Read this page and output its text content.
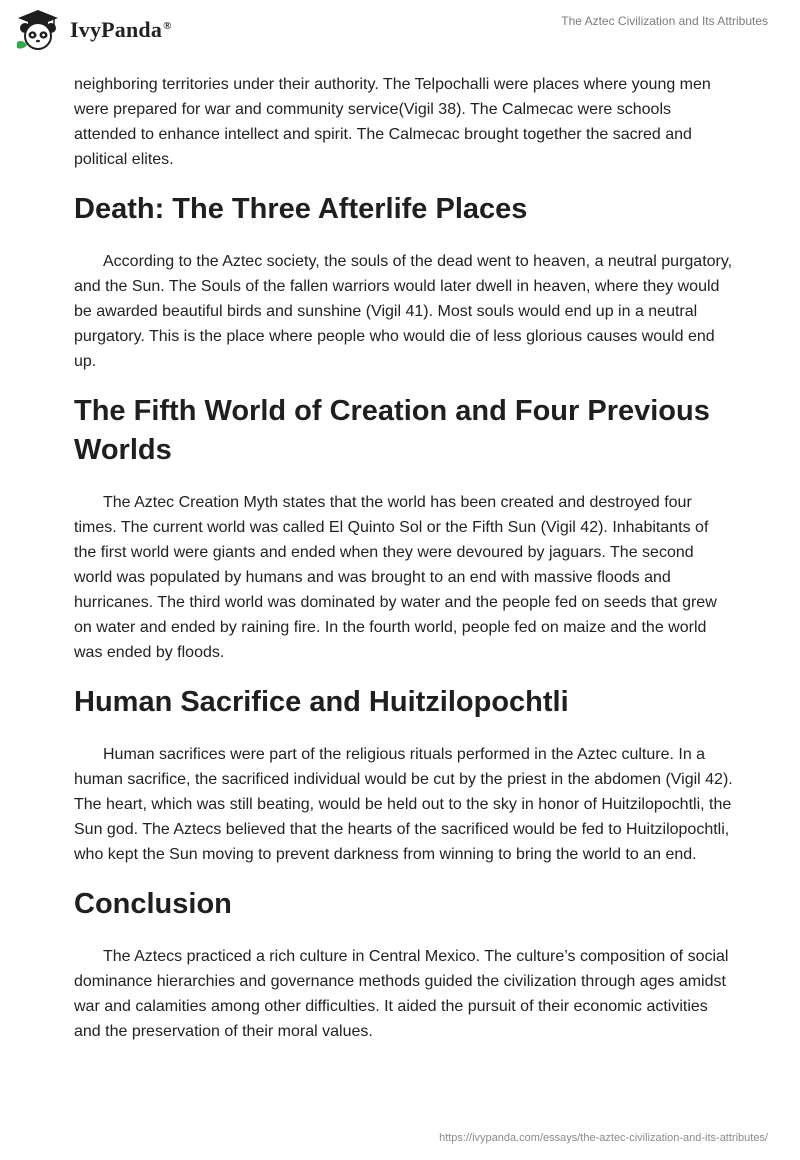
IvyPanda®	The Aztec Civilization and Its Attributes

neighboring territories under their authority. The Telpochalli were places where young men were prepared for war and community service(Vigil 38). The Calmecac were schools attended to enhance intellect and spirit. The Calmecac brought together the sacred and political elites.

Death: The Three Afterlife Places

According to the Aztec society, the souls of the dead went to heaven, a neutral purgatory, and the Sun. The Souls of the fallen warriors would later dwell in heaven, where they would be awarded beautiful birds and sunshine (Vigil 41). Most souls would end up in a neutral purgatory. This is the place where people who would die of less glorious causes would end up.

The Fifth World of Creation and Four Previous Worlds

The Aztec Creation Myth states that the world has been created and destroyed four times. The current world was called El Quinto Sol or the Fifth Sun (Vigil 42). Inhabitants of the first world were giants and ended when they were devoured by jaguars. The second world was populated by humans and was brought to an end with massive floods and hurricanes. The third world was dominated by water and the people fed on seeds that grew on water and ended by raining fire. In the fourth world, people fed on maize and the world was ended by floods.

Human Sacrifice and Huitzilopochtli

Human sacrifices were part of the religious rituals performed in the Aztec culture. In a human sacrifice, the sacrificed individual would be cut by the priest in the abdomen (Vigil 42). The heart, which was still beating, would be held out to the sky in honor of Huitzilopochtli, the Sun god. The Aztecs believed that the hearts of the sacrificed would be fed to Huitzilopochtli, who kept the Sun moving to prevent darkness from winning to bring the world to an end.

Conclusion

The Aztecs practiced a rich culture in Central Mexico. The culture’s composition of social dominance hierarchies and governance methods guided the civilization through ages amidst war and calamities among other difficulties. It aided the pursuit of their economic activities and the preservation of their moral values.

https://ivypanda.com/essays/the-aztec-civilization-and-its-attributes/
